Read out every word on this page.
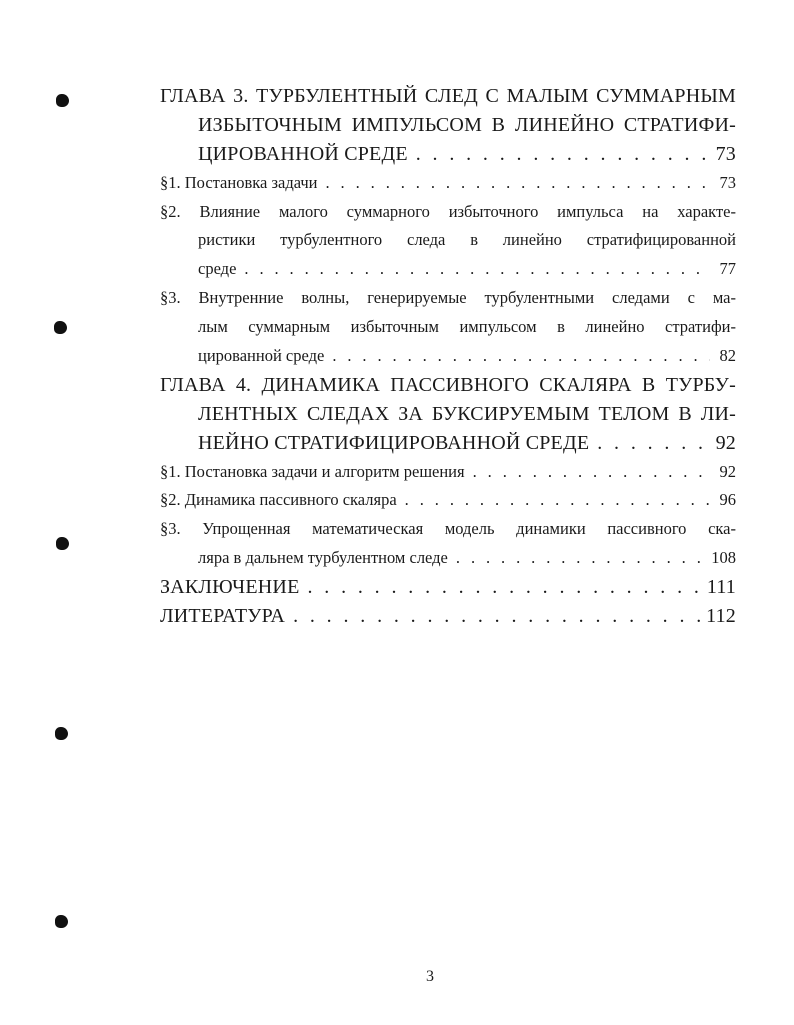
ГЛАВА 3. ТУРБУЛЕНТНЫЙ СЛЕД С МАЛЫМ СУММАРНЫМ
ИЗБЫТОЧНЫМ ИМПУЛЬСОМ В ЛИНЕЙНО СТРАТИФИ-
ЦИРОВАННОЙ СРЕДЕ . . .	73
§1. Постановка задачи . . .	73
§2. Влияние малого суммарного избыточного импульса на характе-
ристики турбулентного следа в линейно стратифицированной
среде . . .	77
§3. Внутренние волны, генерируемые турбулентными следами с ма-
лым суммарным избыточным импульсом в линейно стратифи-
цированной среде . . .	82
ГЛАВА 4. ДИНАМИКА ПАССИВНОГО СКАЛЯРА В ТУРБУ-
ЛЕНТНЫХ СЛЕДАХ ЗА БУКСИРУЕМЫМ ТЕЛОМ В ЛИ-
НЕЙНО СТРАТИФИЦИРОВАННОЙ СРЕДЕ . . .	92
§1. Постановка задачи и алгоритм решения . . .	92
§2. Динамика пассивного скаляра . . .	96
§3. Упрощенная математическая модель динамики пассивного ска-
ляра в дальнем турбулентном следе . . .	108
ЗАКЛЮЧЕНИЕ . . .	111
ЛИТЕРАТУРА . . .	112
3
